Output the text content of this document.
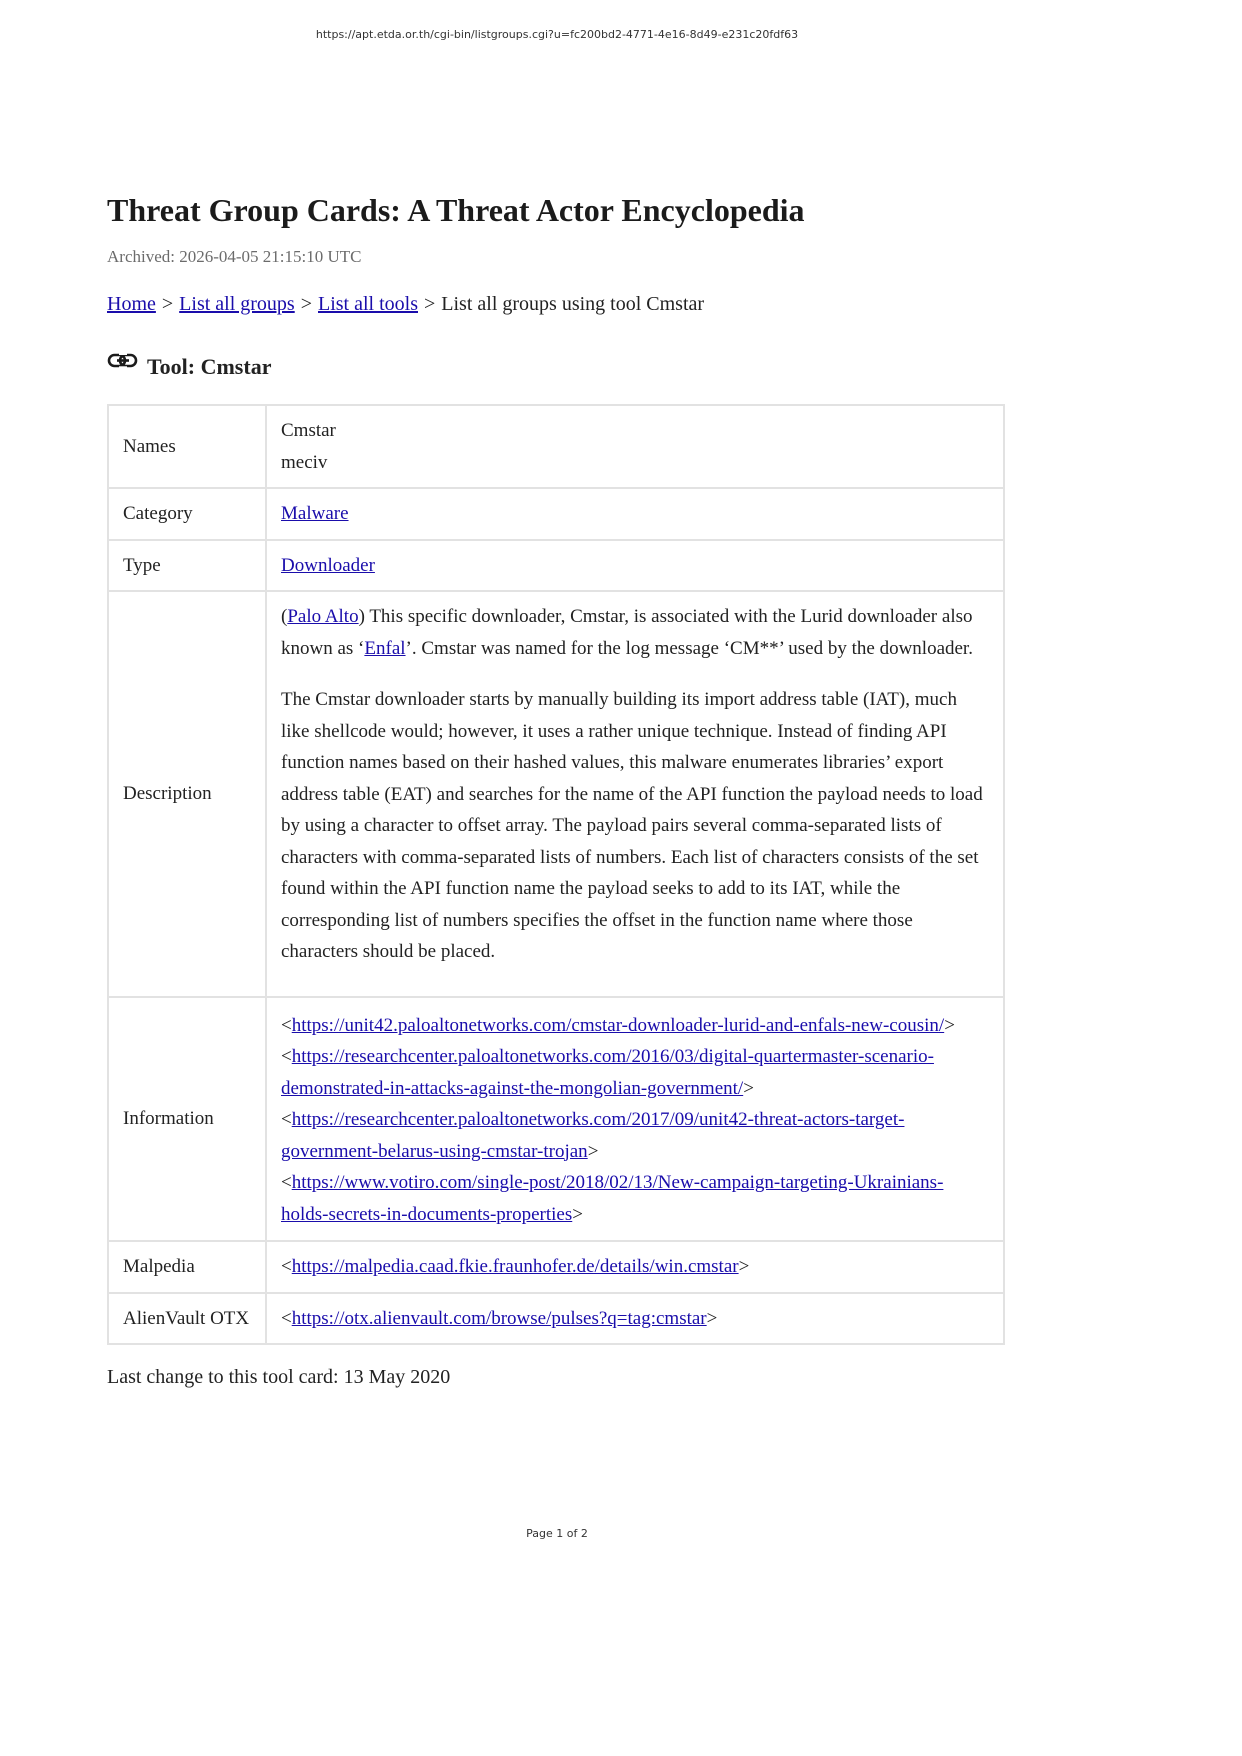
https://apt.etda.or.th/cgi-bin/listgroups.cgi?u=fc200bd2-4771-4e16-8d49-e231c20fdf63
Threat Group Cards: A Threat Actor Encyclopedia
Archived: 2026-04-05 21:15:10 UTC
Home > List all groups > List all tools > List all groups using tool Cmstar
Tool: Cmstar
Names	Cmstar
meciv

Category	Malware
Type	Downloader
Description	(Palo Alto) This specific downloader, Cmstar, is associated with the Lurid downloader also known as ‘Enfal’. Cmstar was named for the log message ‘CM**’ used by the downloader.

The Cmstar downloader starts by manually building its import address table (IAT), much like shellcode would; however, it uses a rather unique technique. Instead of finding API function names based on their hashed values, this malware enumerates libraries’ export address table (EAT) and searches for the name of the API function the payload needs to load by using a character to offset array. The payload pairs several comma-separated lists of characters with comma-separated lists of numbers. Each list of characters consists of the set found within the API function name the payload seeks to add to its IAT, while the corresponding list of numbers specifies the offset in the function name where those characters should be placed.

Information	<https://unit42.paloaltonetworks.com/cmstar-downloader-lurid-and-enfals-new-cousin/>
<https://researchcenter.paloaltonetworks.com/2016/03/digital-quartermaster-scenario-demonstrated-in-attacks-against-the-mongolian-government/>
<https://researchcenter.paloaltonetworks.com/2017/09/unit42-threat-actors-target-government-belarus-using-cmstar-trojan>
<https://www.votiro.com/single-post/2018/02/13/New-campaign-targeting-Ukrainians-holds-secrets-in-documents-properties>

Malpedia	<https://malpedia.caad.fkie.fraunhofer.de/details/win.cmstar>
AlienVault OTX	<https://otx.alienvault.com/browse/pulses?q=tag:cmstar>
Last change to this tool card: 13 May 2020
Page 1 of 2
